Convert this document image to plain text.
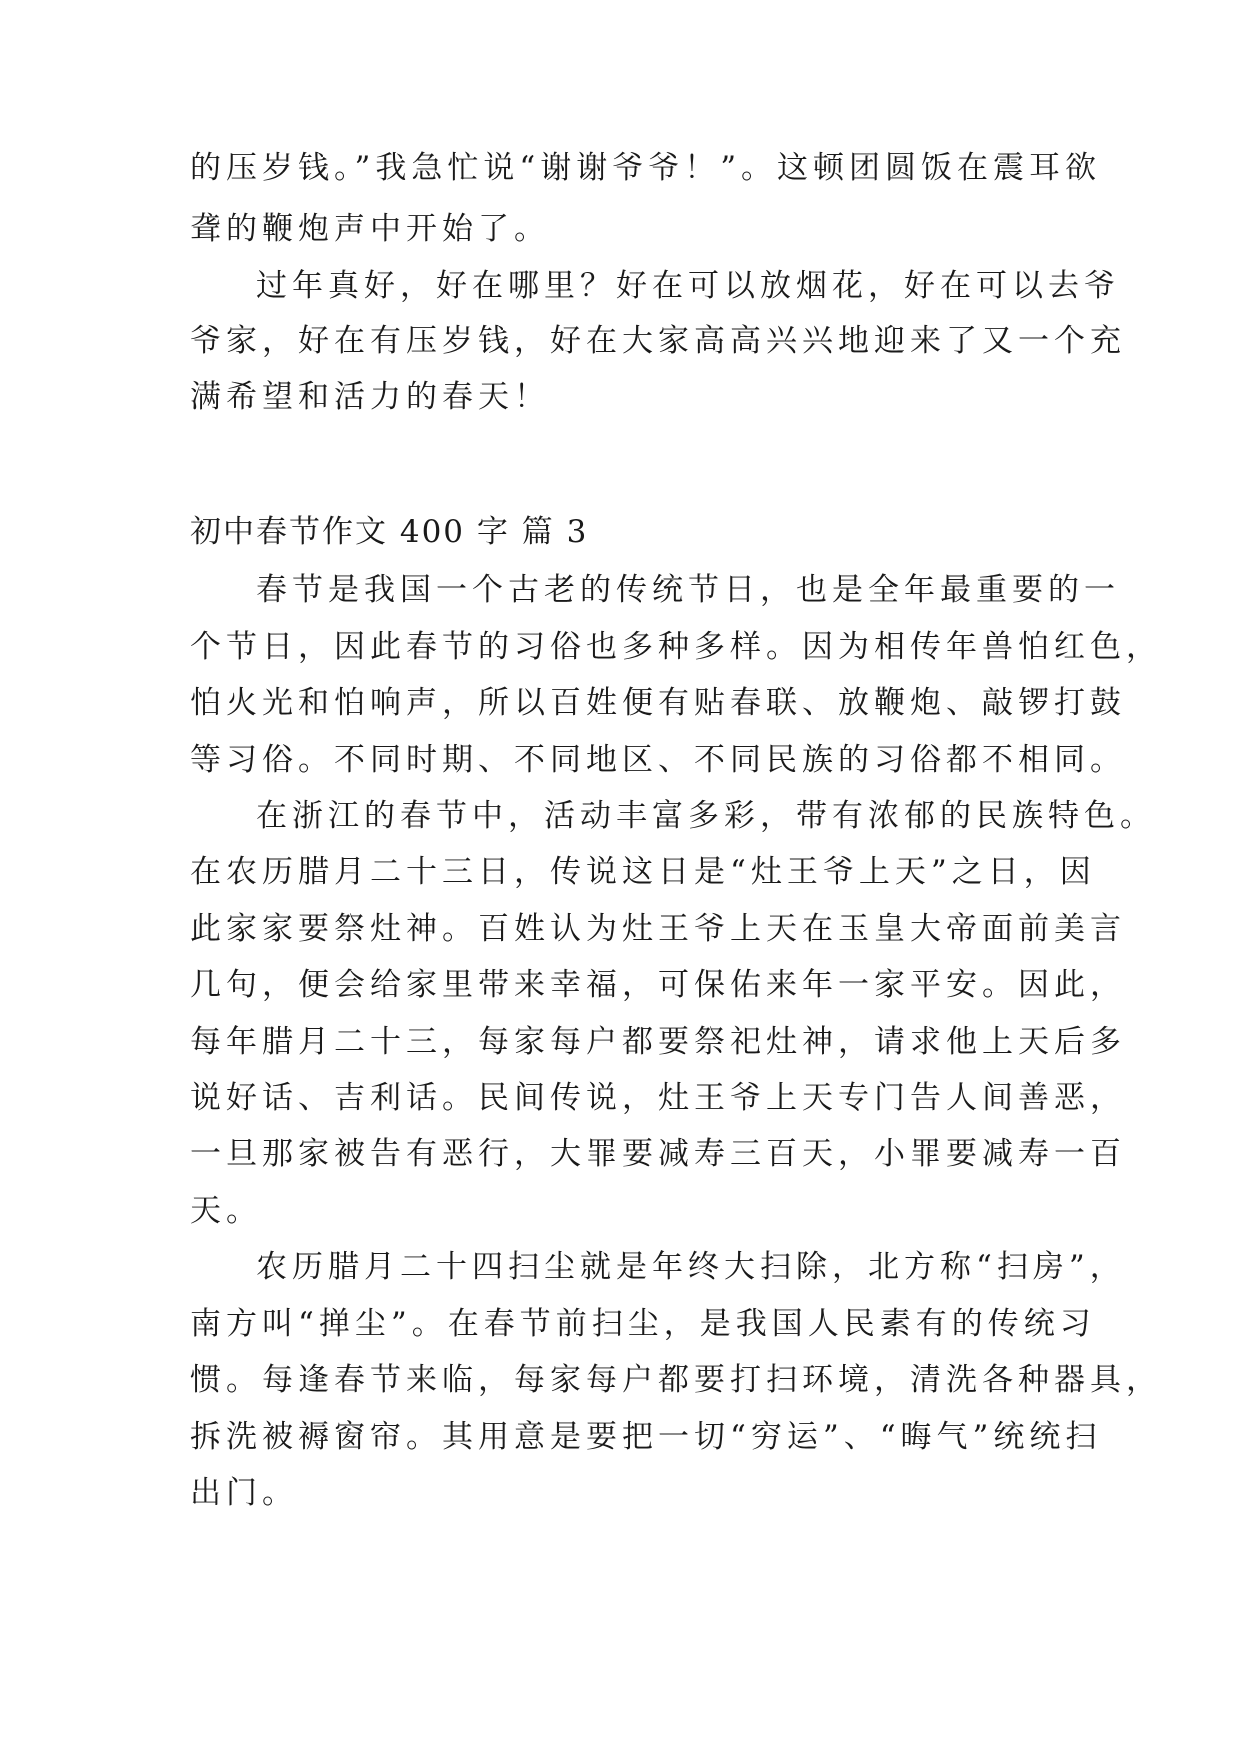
的压岁钱。”我急忙说“谢谢爷爷！”。这顿团圆饭在震耳欲
聋的鞭炮声中开始了。
过年真好，好在哪里？好在可以放烟花，好在可以去爷
爷家，好在有压岁钱，好在大家高高兴兴地迎来了又一个充
满希望和活力的春天！
初中春节作文 400 字 篇 3
春节是我国一个古老的传统节日，也是全年最重要的一
个节日，因此春节的习俗也多种多样。因为相传年兽怕红色，
怕火光和怕响声，所以百姓便有贴春联、放鞭炮、敲锣打鼓
等习俗。不同时期、不同地区、不同民族的习俗都不相同。
在浙江的春节中，活动丰富多彩，带有浓郁的民族特色。
在农历腊月二十三日，传说这日是“灶王爷上天”之日，因
此家家要祭灶神。百姓认为灶王爷上天在玉皇大帝面前美言
几句，便会给家里带来幸福，可保佑来年一家平安。因此，
每年腊月二十三，每家每户都要祭祀灶神，请求他上天后多
说好话、吉利话。民间传说，灶王爷上天专门告人间善恶，
一旦那家被告有恶行，大罪要减寿三百天，小罪要减寿一百
天。
农历腊月二十四扫尘就是年终大扫除，北方称“扫房”，
南方叫“掸尘”。在春节前扫尘，是我国人民素有的传统习
惯。每逢春节来临，每家每户都要打扫环境，清洗各种器具，
拆洗被褥窗帘。其用意是要把一切“穷运”、“晦气”统统扫
出门。
